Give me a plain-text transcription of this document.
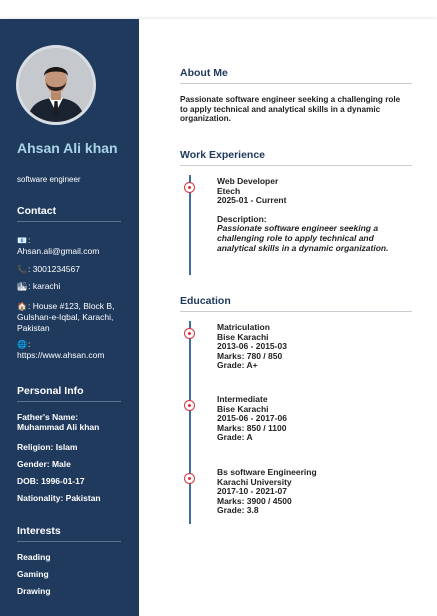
Ahsan Ali khan
software engineer
Contact
📧:
Ahsan.ali@gmail.com
📞: 3001234567
🏙: karachi
🏠: House #123, Block B, Gulshan-e-Iqbal, Karachi, Pakistan
🌐:
https://www.ahsan.com
Personal Info
Father's Name:
Muhammad Ali khan
Religion: Islam
Gender: Male
DOB: 1996-01-17
Nationality: Pakistan
Interests
Reading
Gaming
Drawing
About Me
Passionate software engineer seeking a challenging role to apply technical and analytical skills in a dynamic organization.
Work Experience
Web Developer
Etech
2025-01 - Current
Description:
Passionate software engineer seeking a challenging role to apply technical and analytical skills in a dynamic organization.
Education
Matriculation
Bise Karachi
2013-06 - 2015-03
Marks: 780 / 850
Grade: A+
Intermediate
Bise Karachi
2015-06 - 2017-06
Marks: 850 / 1100
Grade: A
Bs software Engineering
Karachi University
2017-10 - 2021-07
Marks: 3900 / 4500
Grade: 3.8
